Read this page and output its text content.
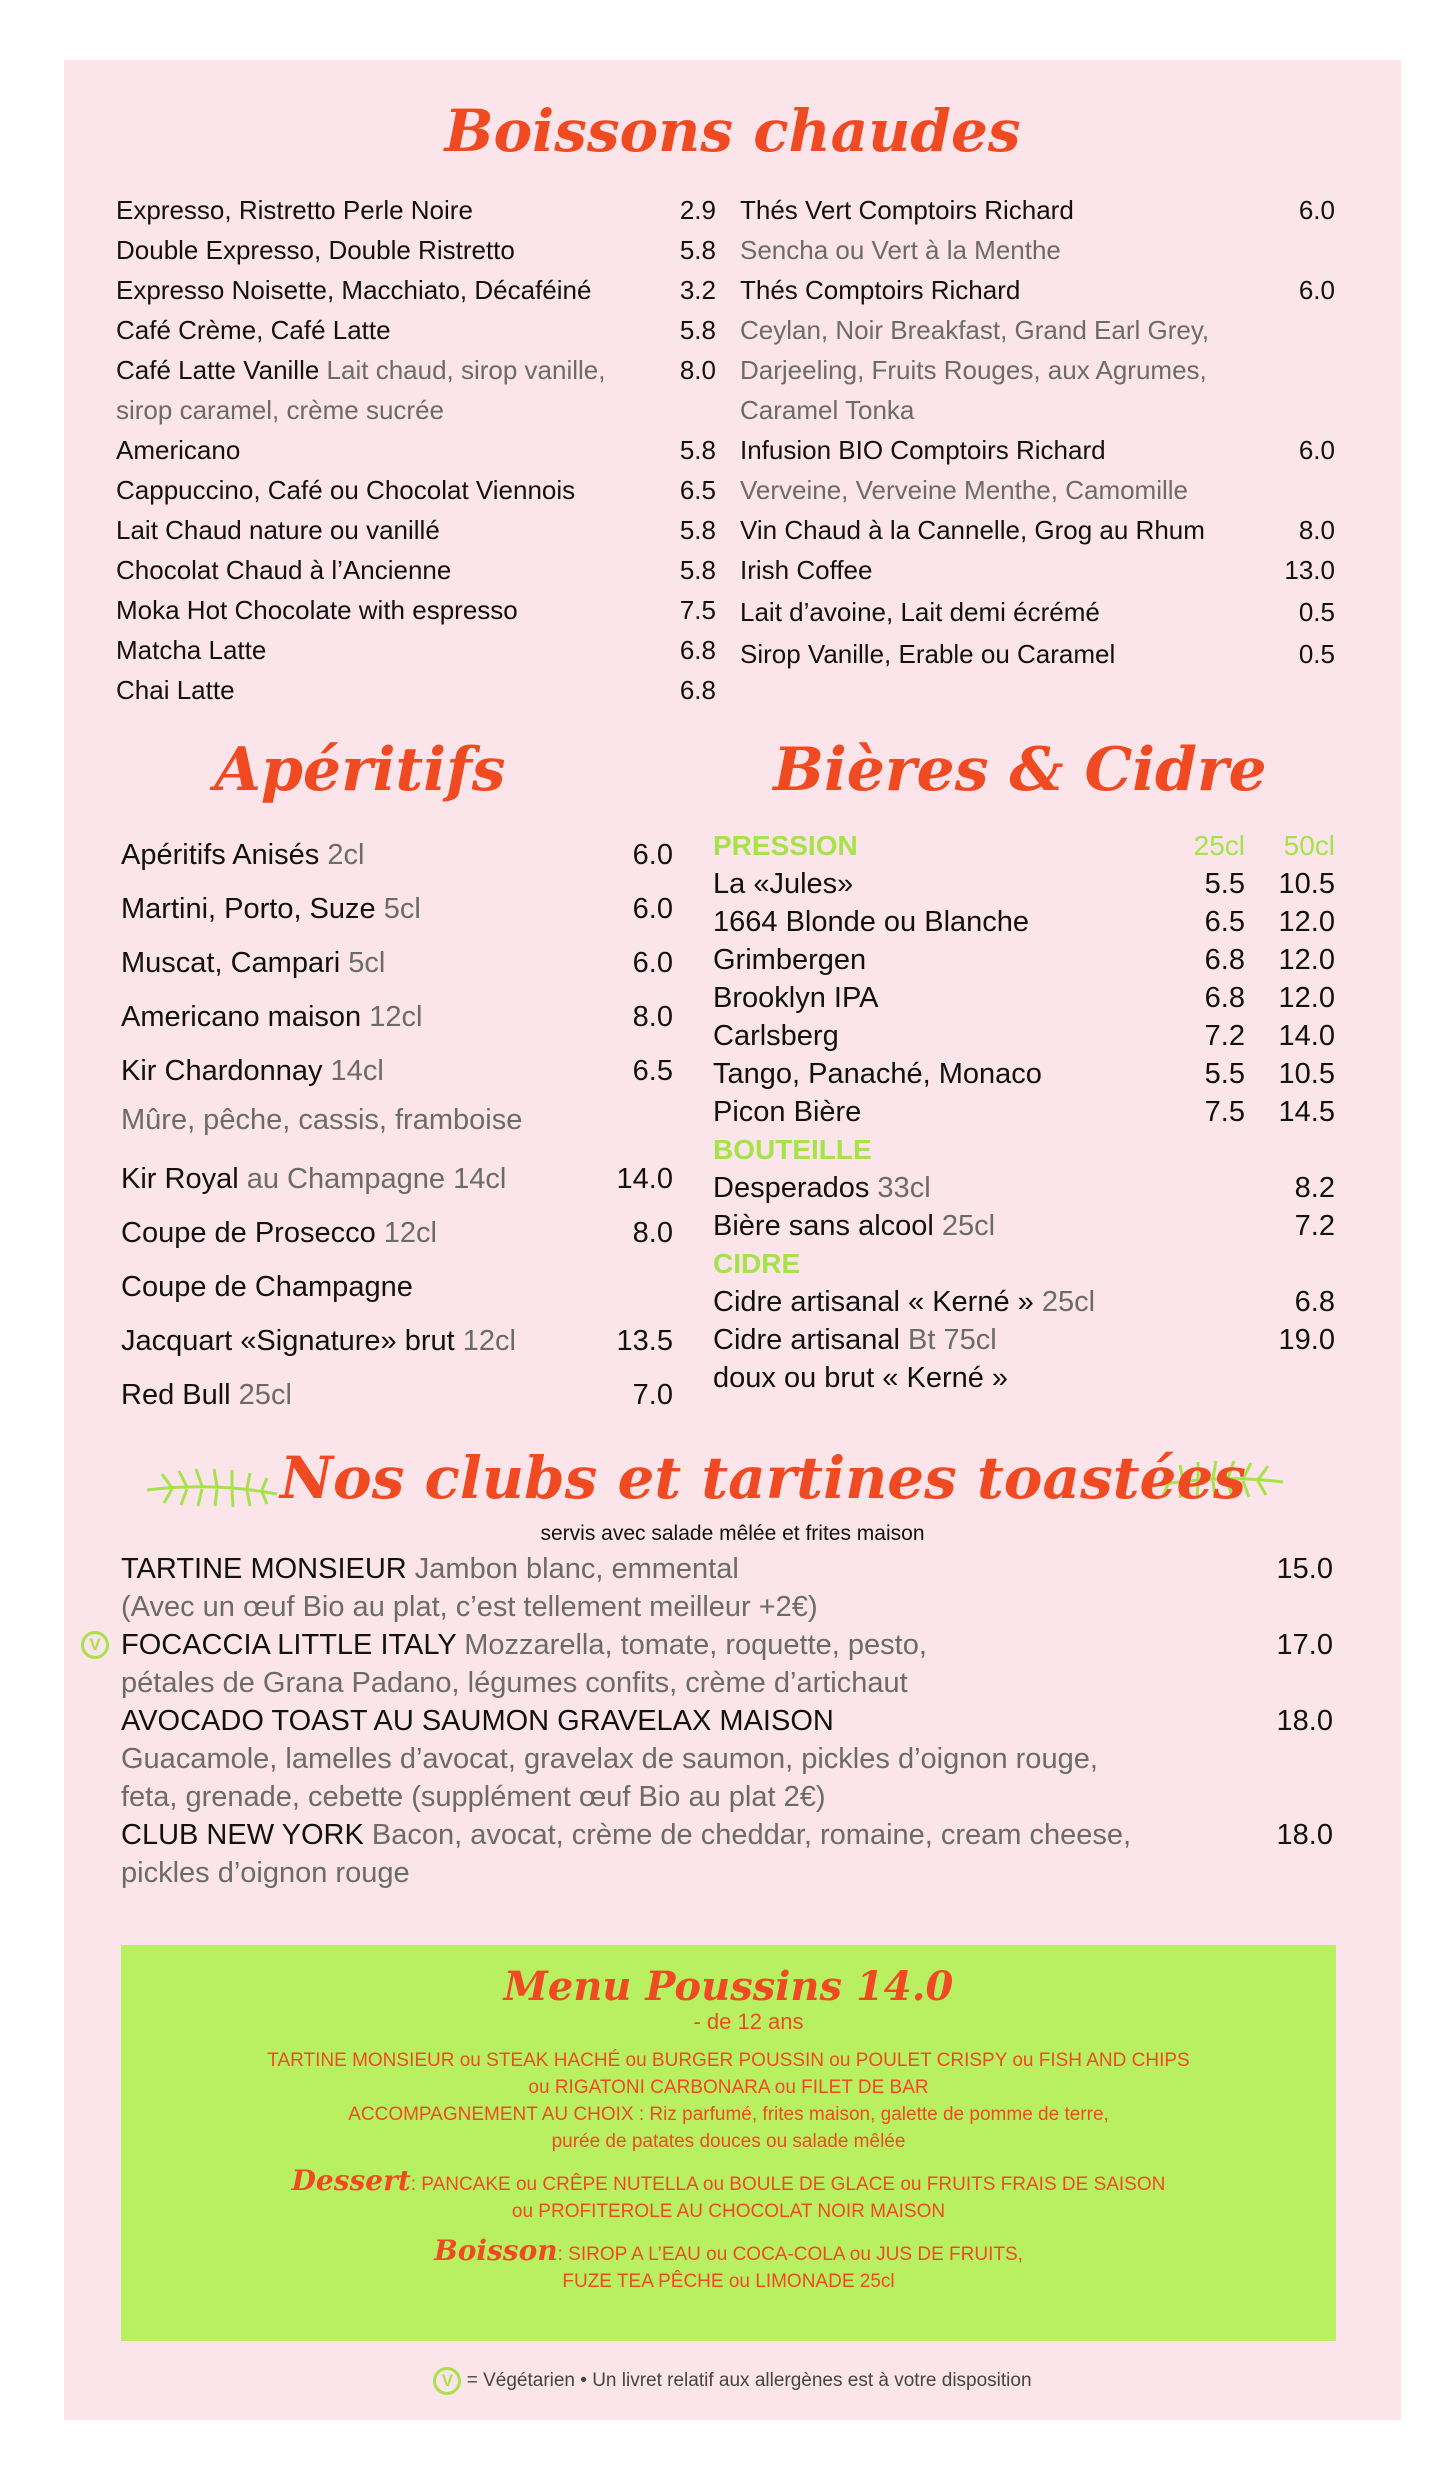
Boissons chaudes
Expresso, Ristretto Perle Noire	2.9
Double Expresso, Double Ristretto	5.8
Expresso Noisette, Macchiato, Décaféiné	3.2
Café Crème, Café Latte	5.8
Café Latte Vanille Lait chaud, sirop vanille,	8.0
sirop caramel, crème sucrée
Americano	5.8
Cappuccino, Café ou Chocolat Viennois	6.5
Lait Chaud nature ou vanillé	5.8
Chocolat Chaud à l’Ancienne	5.8
Moka Hot Chocolate with espresso	7.5
Matcha Latte	6.8
Chai Latte	6.8
Thés Vert Comptoirs Richard	6.0
Sencha ou Vert à la Menthe
Thés Comptoirs Richard	6.0
Ceylan, Noir Breakfast, Grand Earl Grey,
Darjeeling, Fruits Rouges, aux Agrumes,
Caramel Tonka
Infusion BIO Comptoirs Richard	6.0
Verveine, Verveine Menthe, Camomille
Vin Chaud à la Cannelle, Grog au Rhum	8.0
Irish Coffee	13.0
Lait d’avoine, Lait demi écrémé	0.5
Sirop Vanille, Erable ou Caramel	0.5
Apéritifs
Apéritifs Anisés 2cl	6.0
Martini, Porto, Suze 5cl	6.0
Muscat, Campari 5cl	6.0
Americano maison 12cl	8.0
Kir Chardonnay 14cl	6.5
Mûre, pêche, cassis, framboise
Kir Royal au Champagne 14cl	14.0
Coupe de Prosecco 12cl	8.0
Coupe de Champagne
Jacquart «Signature» brut 12cl	13.5
Red Bull 25cl	7.0
Bières & Cidre
PRESSION	25cl	50cl
La «Jules»	5.5	10.5
1664 Blonde ou Blanche	6.5	12.0
Grimbergen	6.8	12.0
Brooklyn IPA	6.8	12.0
Carlsberg	7.2	14.0
Tango, Panaché, Monaco	5.5	10.5
Picon Bière	7.5	14.5
BOUTEILLE
Desperados 33cl	8.2
Bière sans alcool 25cl	7.2
CIDRE
Cidre artisanal « Kerné » 25cl	6.8
Cidre artisanal Bt 75cl	19.0
doux ou brut « Kerné »
Nos clubs et tartines toastées
servis avec salade mêlée et frites maison
TARTINE MONSIEUR Jambon blanc, emmental	15.0
(Avec un œuf Bio au plat, c’est tellement meilleur +2€)
V FOCACCIA LITTLE ITALY Mozzarella, tomate, roquette, pesto,	17.0
pétales de Grana Padano, légumes confits, crème d’artichaut
AVOCADO TOAST AU SAUMON GRAVELAX MAISON	18.0
Guacamole, lamelles d’avocat, gravelax de saumon, pickles d’oignon rouge,
feta, grenade, cebette (supplément œuf Bio au plat 2€)
CLUB NEW YORK Bacon, avocat, crème de cheddar, romaine, cream cheese,	18.0
pickles d’oignon rouge
Menu Poussins 14.0
- de 12 ans
TARTINE MONSIEUR ou STEAK HACHÉ ou BURGER POUSSIN ou POULET CRISPY ou FISH AND CHIPS
ou RIGATONI CARBONARA ou FILET DE BAR
ACCOMPAGNEMENT AU CHOIX : Riz parfumé, frites maison, galette de pomme de terre,
purée de patates douces ou salade mêlée
Dessert: PANCAKE ou CRÊPE NUTELLA ou BOULE DE GLACE ou FRUITS FRAIS DE SAISON
ou PROFITEROLE AU CHOCOLAT NOIR MAISON
Boisson: SIROP A L’EAU ou COCA-COLA ou JUS DE FRUITS,
FUZE TEA PÊCHE ou LIMONADE 25cl
V = Végétarien • Un livret relatif aux allergènes est à votre disposition
